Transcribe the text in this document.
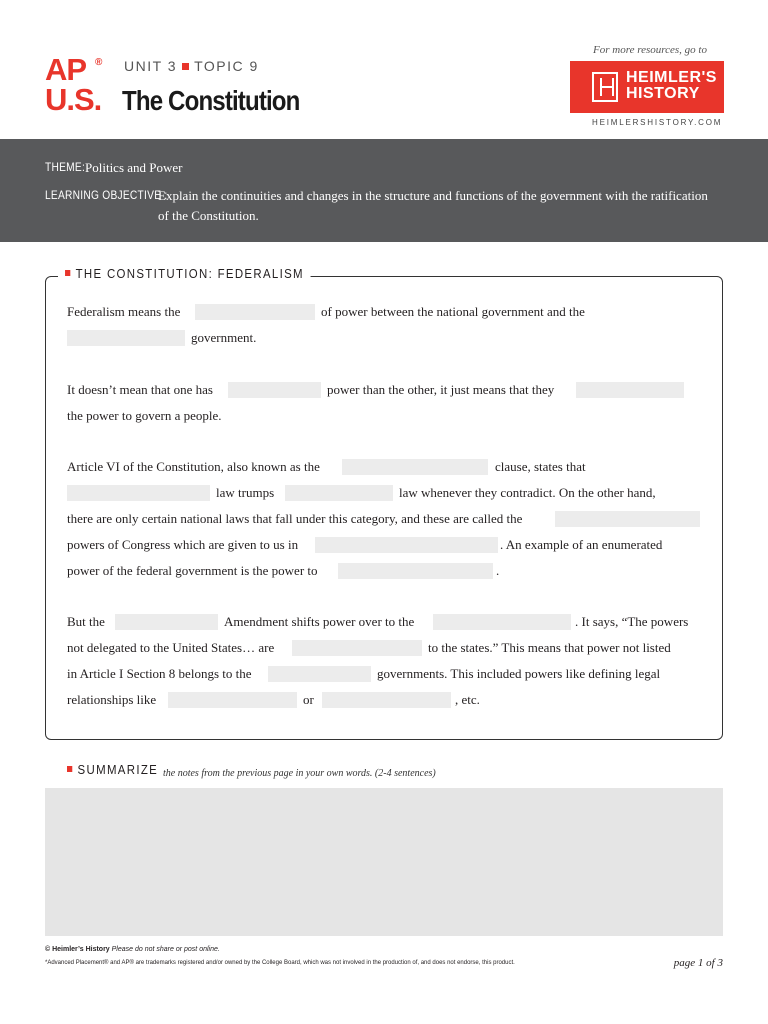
AP ®
U.S.
UNIT 3 TOPIC 9
The Constitution
For more resources, go to
HEIMLER'S
HISTORY
HEIMLERSHISTORY.COM
THEME: Politics and Power
LEARNING OBJECTIVE :
Explain the continuities and changes in the structure and functions of the government with the ratification of the Constitution.
THE CONSTITUTION: FEDERALISM
Federalism means the	of power between the national government and the
government.
It doesn’t mean that one has	power than the other, it just means that they
the power to govern a people.
Article VI of the Constitution, also known as the	clause, states that
law trumps	law whenever they contradict. On the other hand,
there are only certain national laws that fall under this category, and these are called the
powers of Congress which are given to us in	. An example of an enumerated
power of the federal government is the power to	.
But the	Amendment shifts power over to the	. It says, “The powers
not delegated to the United States… are	to the states.” This means that power not listed
in Article I Section 8 belongs to the	governments. This included powers like defining legal
relationships like	or	, etc.
SUMMARIZE the notes from the previous page in your own words. (2-4 sentences)
© Heimler’s History Please do not share or post online.
*Advanced Placement® and AP® are trademarks registered and/or owned by the College Board, which was not involved in the production of, and does not endorse, this product.	page 1 of 3
